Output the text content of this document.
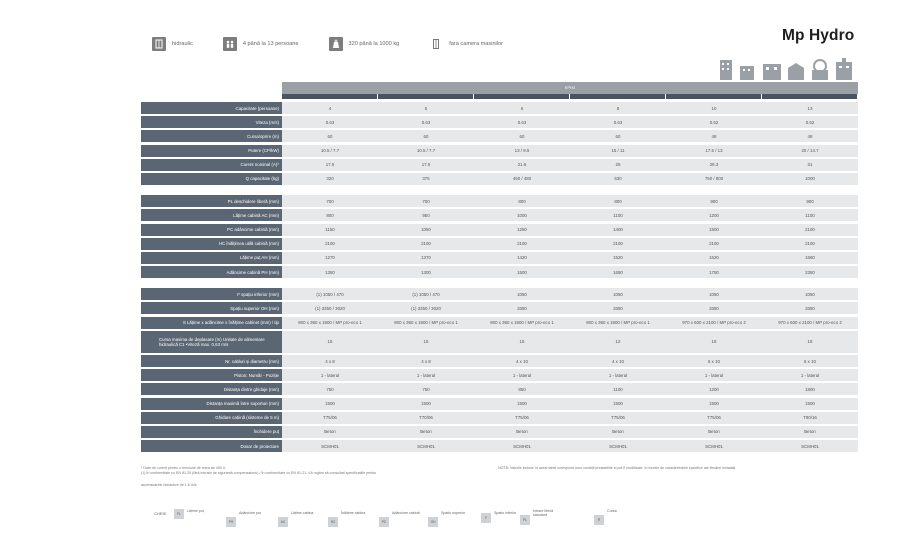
hidraulic	4 până la 13 persoane	320 până la 1000 kg	fara camera masinilor	Mp Hydro
EPH3
Capacitate (persoane)	4	5	6	8	10	13
Viteza (m/s)	0.63	0.63	0.63	0.63	0.52	0.52
Cursa/oprire (m)	60	60	60	60	48	48
Putere (CP/kW)	10.5 / 7.7	10.5 / 7.7	13 / 9.5	15 / 11	17.5 / 13	20 / 14.7
Curent nominal (A)*	17.5	17.5	21.6	25	28.3	31
Q capacitate (kg)	320	375	450 / 480	630	750 / 800	1000
PL deschidere liberă (mm)	700	700	800	800	900	900
Lățime cabină AC (mm)	800	950	1000	1100	1200	1100
PC adâncime cabină (mm)	1150	1050	1250	1400	1500	2100
HC înălțimea utilă cabină (mm)	2100	2100	2100	2100	2100	2100
Lățime puț AH (mm)	1270	1370	1420	1520	1620	1660
Adâncime cabină PH (mm)	1350	1300	1500	1650	1750	2350
F spațiu inferior (mm)	(1) 1050 / 470	(1) 1050 / 470	1050	1050	1050	1050
Spațiu superior OH (mm)	(1) 3350 / 3020	(1) 3350 / 3020	3350	3350	3350	3350
S Lățime x adâncime x înălțime cabinet (mm) / tip	800 x 360 x 1900 / MP pro-eco 1	800 x 360 x 1900 / MP pro-eco 1	800 x 360 x 1900 / MP pro-eco 1	800 x 360 x 1900 / MP pro-eco 1	970 x 600 x 2100 / MP pro-eco 2	970 x 600 x 2100 / MP pro-eco 2
Cursa maxima de deplasare (m) Unitate de alimentare hidraulică C1 •Vitezã max. 0,63 m/s	15	15	15	12	18	18
Nr. cabluri și diametru (mm)	4 x 8	4 x 8	4 x 10	4 x 10	6 x 10	6 x 10
Piston: Număr - Poziție	1 - lateral	1 - lateral	1 - lateral	1 - lateral	1 - lateral	1 - lateral
Distanța dintre ghidaje (mm)	750	750	850	1100	1200	1800
Distanța maximă între suporturi (mm)	1500	1500	1500	1500	1500	1500
Ghidare cabină (sisteme de 5 m)	T75/06	T70/06	T75/06	T75/06	T75/06	T90/16
Închidere puț	Beton	Beton	Beton	Beton	Beton	Beton
Dosar de proiectare	SCMH01	SCMH01	SCMH01	SCMH01	SCMH01	SCMH01
* Date de curent pentru o tensiune de rețea de 400 V.
(1) În conformitate cu EN 81-20 (fără intrusiv de siguranță compensatoriu) / În conformitate cu EN 81-21: Vă rugăm să consultați specificațiile pentru
NOTĂ: Valorile incluse în acest tabel corespund unor condiții prestabilite și pot fi modificate, în funcție de caracteristicile specifice ale fiecărei instalații.
ascensoarele hidraulice de 1,6 m/s
CHEIE:	PL
Lățime puț
PH
Adâncime puț
AC
Lățime cabina
HC
Înălțime cabina
PC
Adâncime cabină
OH
Spațiu superior
F
Spațiu inferior
PL
Intrare liberă standard
R
Cursa
